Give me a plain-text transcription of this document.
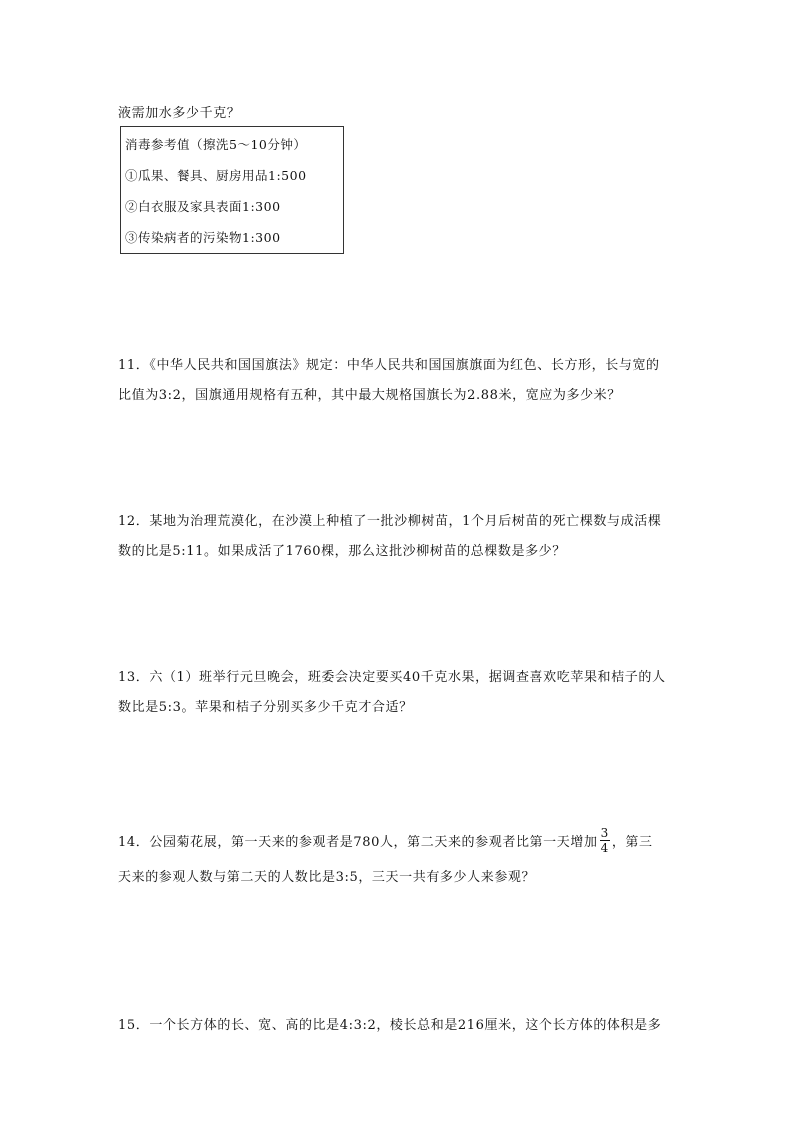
液需加水多少千克？
消毒参考值（擦洗5～10分钟）
①瓜果、餐具、厨房用品1:500
②白衣服及家具表面1:300
③传染病者的污染物1:300
11．《中华人民共和国国旗法》规定：中华人民共和国国旗旗面为红色、长方形，长与宽的
比值为3:2，国旗通用规格有五种，其中最大规格国旗长为2.88米，宽应为多少米？
12．某地为治理荒漠化，在沙漠上种植了一批沙柳树苗，1个月后树苗的死亡棵数与成活棵
数的比是5:11。如果成活了1760棵，那么这批沙柳树苗的总棵数是多少？
13．六（1）班举行元旦晚会，班委会决定要买40千克水果，据调查喜欢吃苹果和桔子的人
数比是5:3。苹果和桔子分别买多少千克才合适？
14．公园菊花展，第一天来的参观者是780人，第二天来的参观者比第一天增加 $\frac{3}{4}$ ，第三
天来的参观人数与第二天的人数比是3:5，三天一共有多少人来参观？
15．一个长方体的长、宽、高的比是4:3:2，棱长总和是216厘米，这个长方体的体积是多
